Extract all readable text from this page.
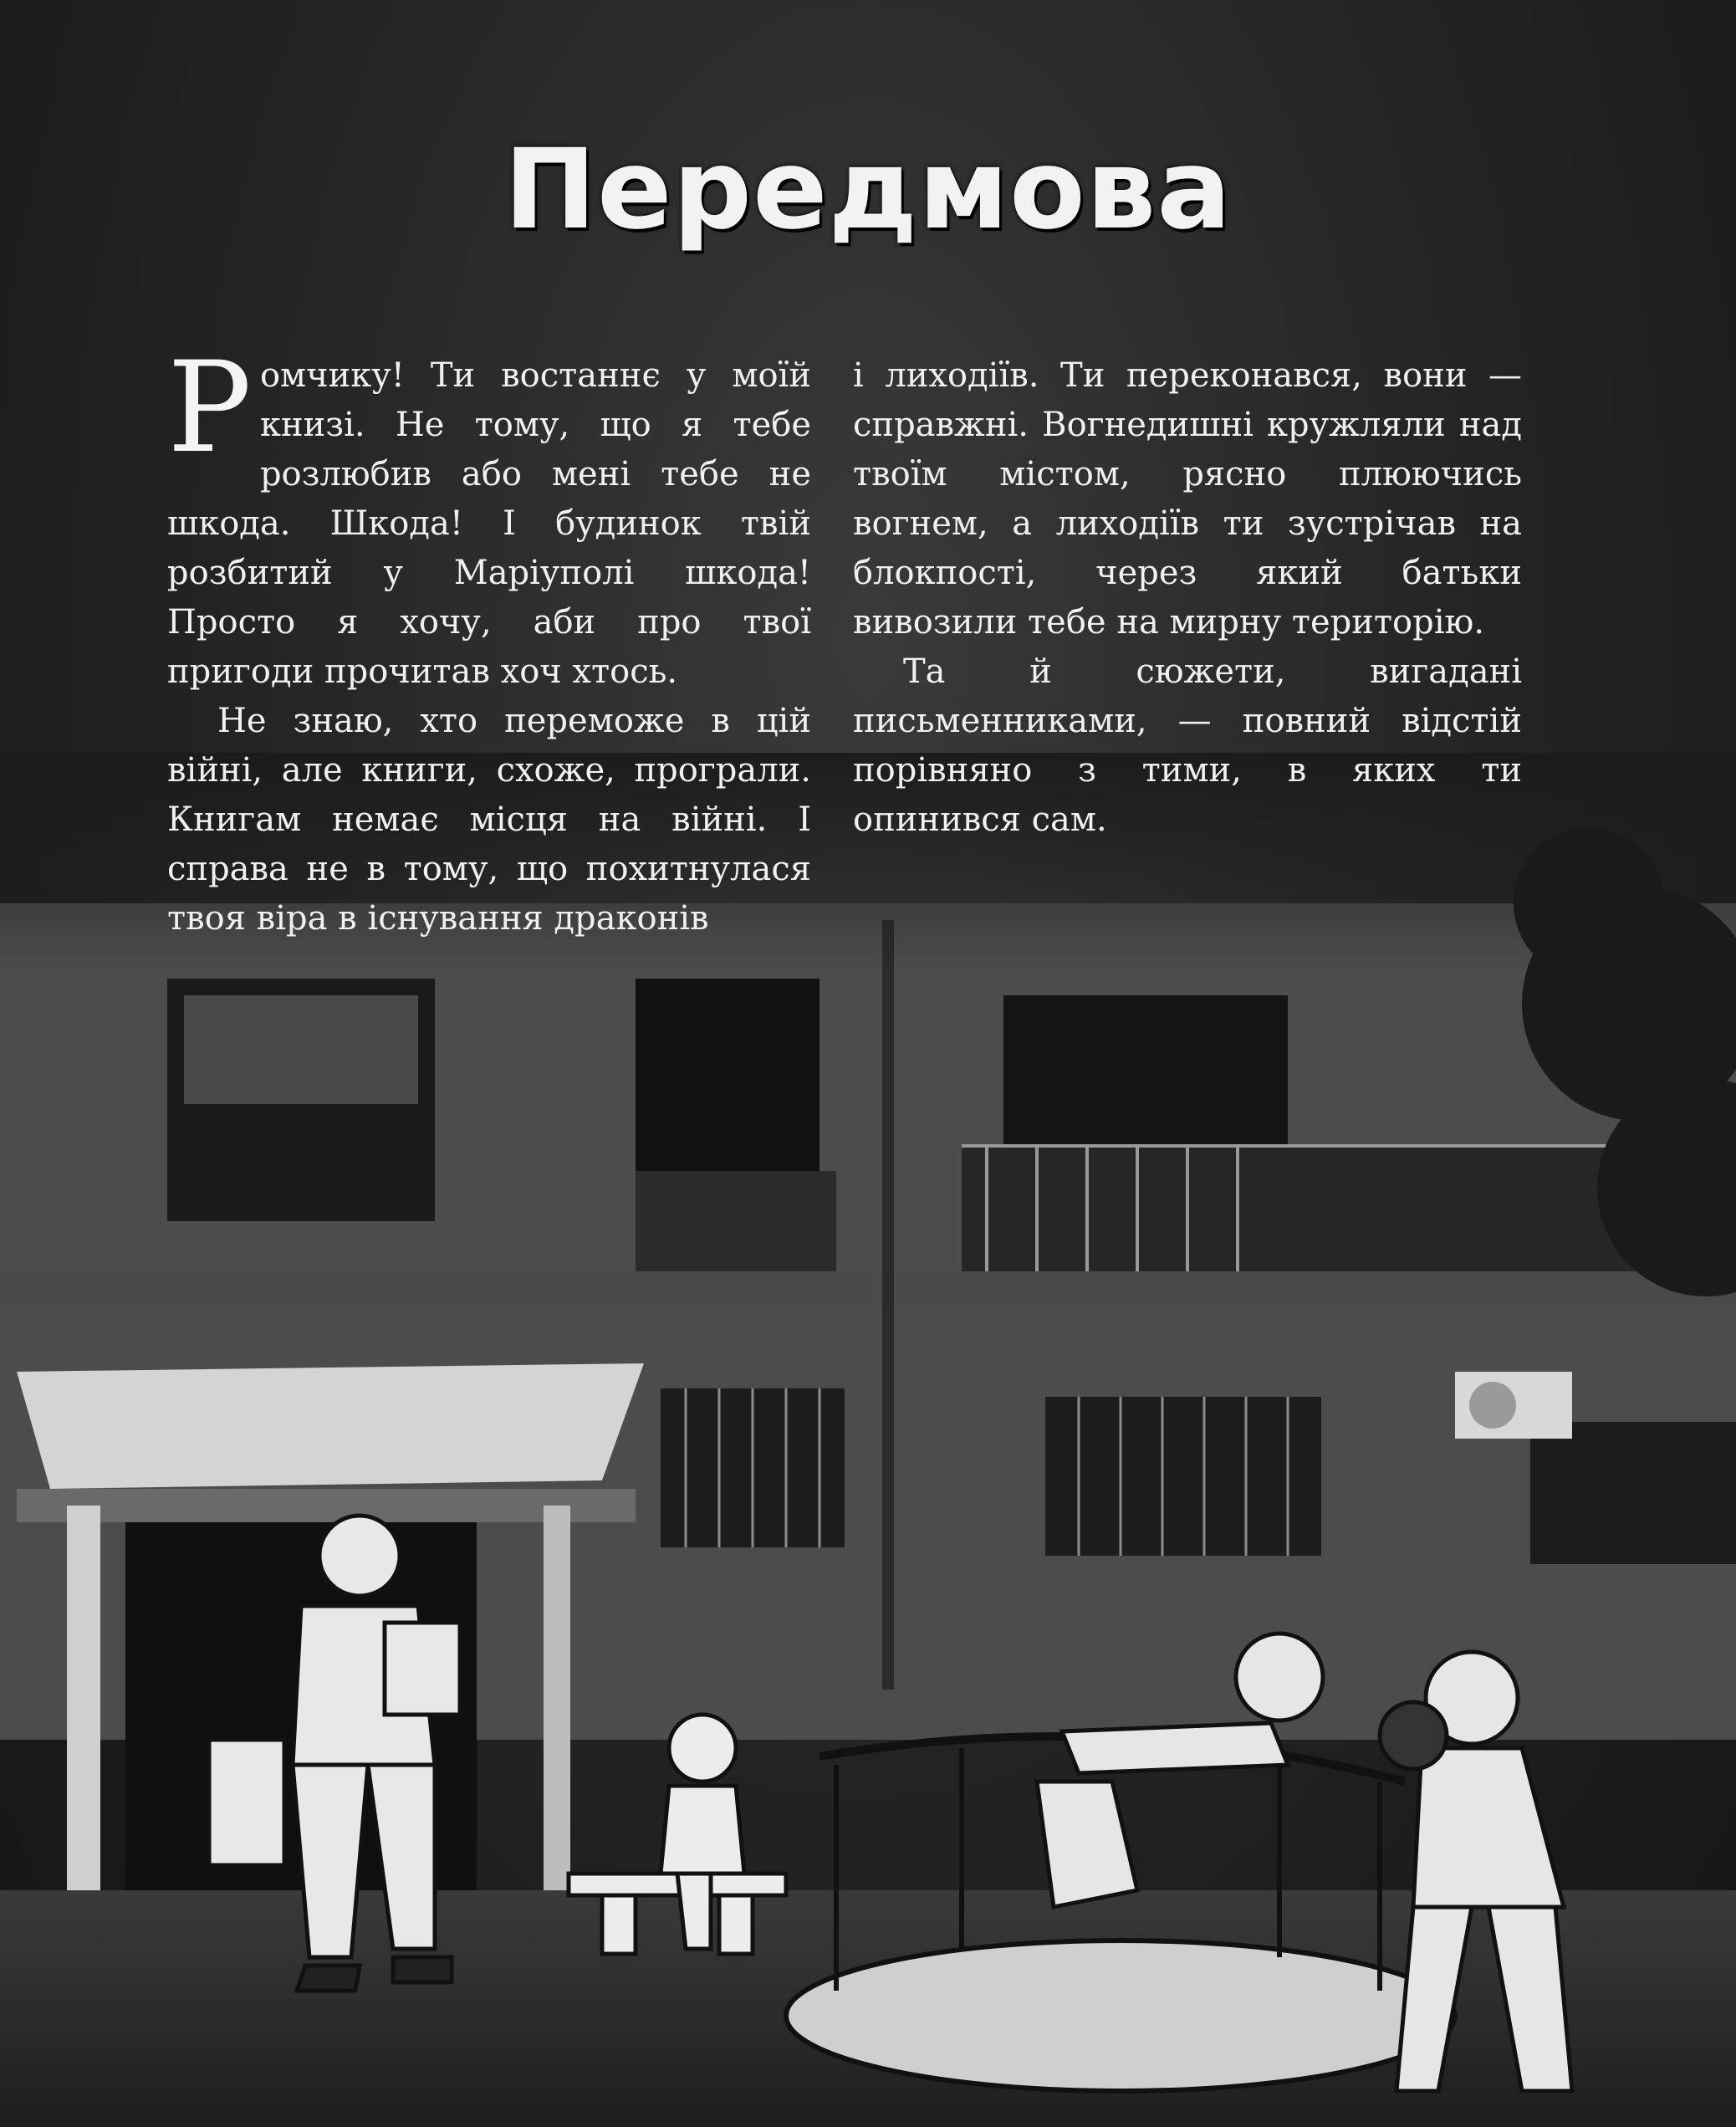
Передмова

Ромчику! Ти востаннє у моїй книзі. Не тому, що я тебе розлюбив або мені тебе не шкода. Шкода! І будинок твій розбитий у Маріуполі шкода! Просто я хочу, аби про твої пригоди прочитав хоч хтось.

Не знаю, хто переможе в цій війні, але книги, схоже, програли. Книгам немає місця на війні. І справа не в тому, що похитнулася твоя віра в існування драконів

і лиходіїв. Ти переконався, вони — справжні. Вогнедишні кружляли над твоїм містом, рясно плюючись вогнем, а лиходіїв ти зустрічав на блокпості, через який батьки вивозили тебе на мирну територію.

Та й сюжети, вигадані письменниками, — повний відстій порівняно з тими, в яких ти опинився сам.
